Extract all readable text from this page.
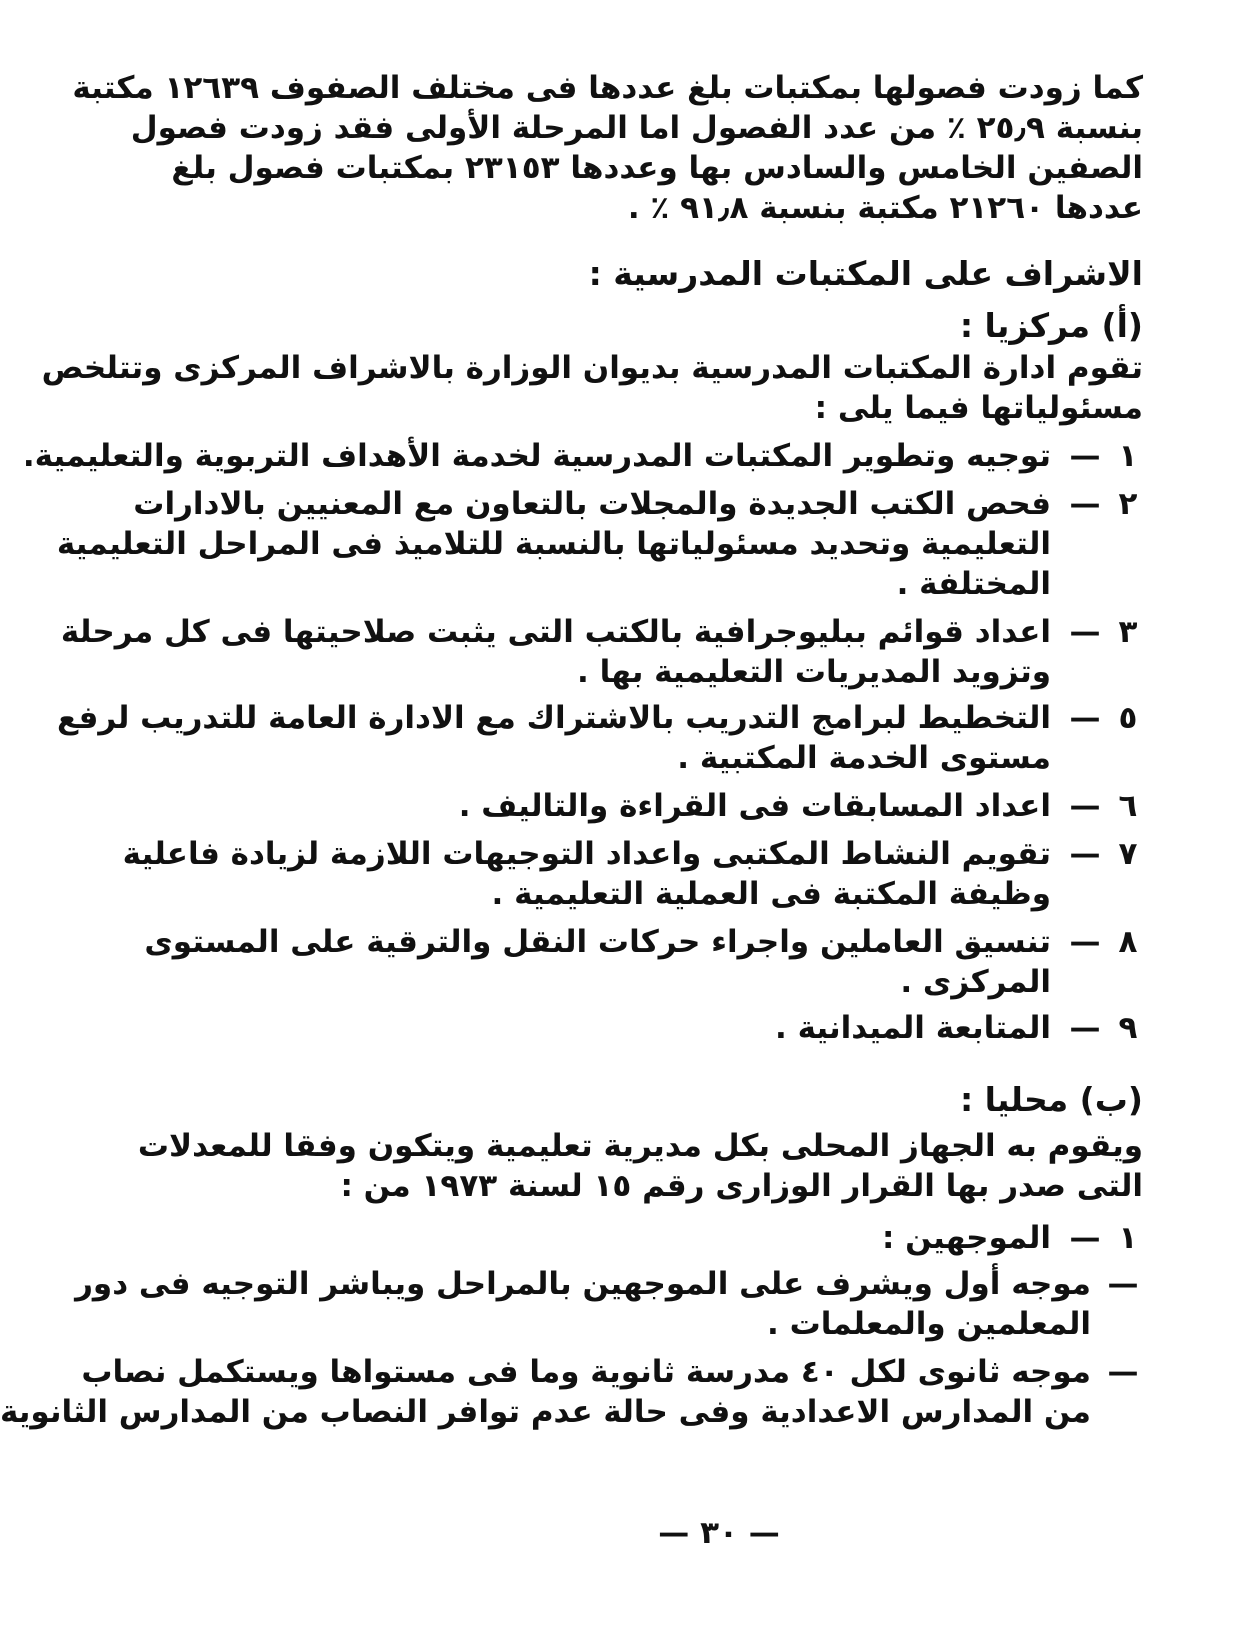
كما زودت فصولها بمكتبات بلغ عددها فى مختلف الصفوف ١٢٦٣٩ مكتبة
بنسبة ٢٥٫٩ ٪ من عدد الفصول اما المرحلة الأولى فقد زودت فصول
الصفين الخامس والسادس بها وعددها ٢٣١٥٣ بمكتبات فصول بلغ
عددها ٢١٢٦٠ مكتبة بنسبة ٩١٫٨ ٪ .
الاشراف على المكتبات المدرسية :
(أ) مركزيا :
تقوم ادارة المكتبات المدرسية بديوان الوزارة بالاشراف المركزى وتتلخص
مسئولياتها فيما يلى :
١
—
توجيه وتطوير المكتبات المدرسية لخدمة الأهداف التربوية والتعليمية.
٢
—
فحص الكتب الجديدة والمجلات بالتعاون مع المعنيين بالادارات
التعليمية وتحديد مسئولياتها بالنسبة للتلاميذ فى المراحل التعليمية
المختلفة .
٣
—
اعداد قوائم ببليوجرافية بالكتب التى يثبت صلاحيتها فى كل مرحلة
وتزويد المديريات التعليمية بها .
٥
—
التخطيط لبرامج التدريب بالاشتراك مع الادارة العامة للتدريب لرفع
مستوى الخدمة المكتبية .
٦
—
اعداد المسابقات فى القراءة والتاليف .
٧
—
تقويم النشاط المكتبى واعداد التوجيهات اللازمة لزيادة فاعلية
وظيفة المكتبة فى العملية التعليمية .
٨
—
تنسيق العاملين واجراء حركات النقل والترقية على المستوى
المركزى .
٩
—
المتابعة الميدانية .
(ب) محليا :
ويقوم به الجهاز المحلى بكل مديرية تعليمية ويتكون وفقا للمعدلات
التى صدر بها القرار الوزارى رقم ١٥ لسنة ١٩٧٣ من :
١
—
الموجهين :
—
موجه أول ويشرف على الموجهين بالمراحل ويباشر التوجيه فى دور
المعلمين والمعلمات .
—
موجه ثانوى لكل ٤٠ مدرسة ثانوية وما فى مستواها ويستكمل نصاب
من المدارس الاعدادية وفى حالة عدم توافر النصاب من المدارس الثانوية
— ٣٠ —
